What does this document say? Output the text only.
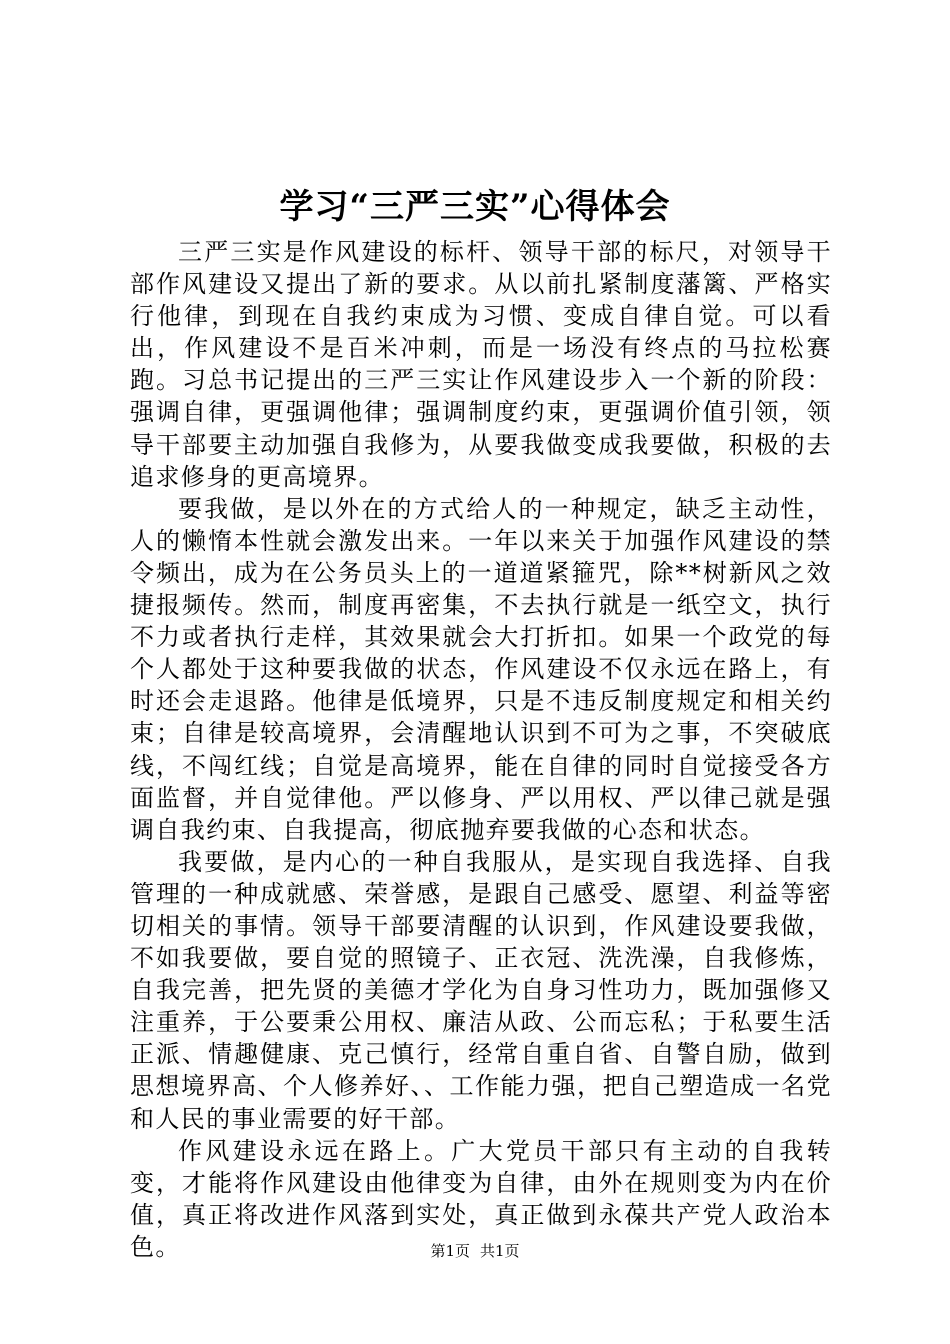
学习“三严三实”心得体会

三严三实是作风建设的标杆、领导干部的标尺，对领导干部作风建设又提出了新的要求。从以前扎紧制度藩篱、严格实行他律，到现在自我约束成为习惯、变成自律自觉。可以看出，作风建设不是百米冲刺，而是一场没有终点的马拉松赛跑。习总书记提出的三严三实让作风建设步入一个新的阶段：强调自律，更强调他律；强调制度约束，更强调价值引领，领导干部要主动加强自我修为，从要我做变成我要做，积极的去追求修身的更高境界。

要我做，是以外在的方式给人的一种规定，缺乏主动性，人的懒惰本性就会激发出来。一年以来关于加强作风建设的禁令频出，成为在公务员头上的一道道紧箍咒，除**树新风之效捷报频传。然而，制度再密集，不去执行就是一纸空文，执行不力或者执行走样，其效果就会大打折扣。如果一个政党的每个人都处于这种要我做的状态，作风建设不仅永远在路上，有时还会走退路。他律是低境界，只是不违反制度规定和相关约束；自律是较高境界，会清醒地认识到不可为之事，不突破底线，不闯红线；自觉是高境界，能在自律的同时自觉接受各方面监督，并自觉律他。严以修身、严以用权、严以律己就是强调自我约束、自我提高，彻底抛弃要我做的心态和状态。

我要做，是内心的一种自我服从，是实现自我选择、自我管理的一种成就感、荣誉感，是跟自己感受、愿望、利益等密切相关的事情。领导干部要清醒的认识到，作风建设要我做，不如我要做，要自觉的照镜子、正衣冠、洗洗澡，自我修炼，自我完善，把先贤的美德才学化为自身习性功力，既加强修又注重养，于公要秉公用权、廉洁从政、公而忘私；于私要生活正派、情趣健康、克己慎行，经常自重自省、自警自励，做到思想境界高、个人修养好、、工作能力强，把自己塑造成一名党和人民的事业需要的好干部。

作风建设永远在路上。广大党员干部只有主动的自我转变，才能将作风建设由他律变为自律，由外在规则变为内在价值，真正将改进作风落到实处，真正做到永葆共产党人政治本色。	第1页 共1页
